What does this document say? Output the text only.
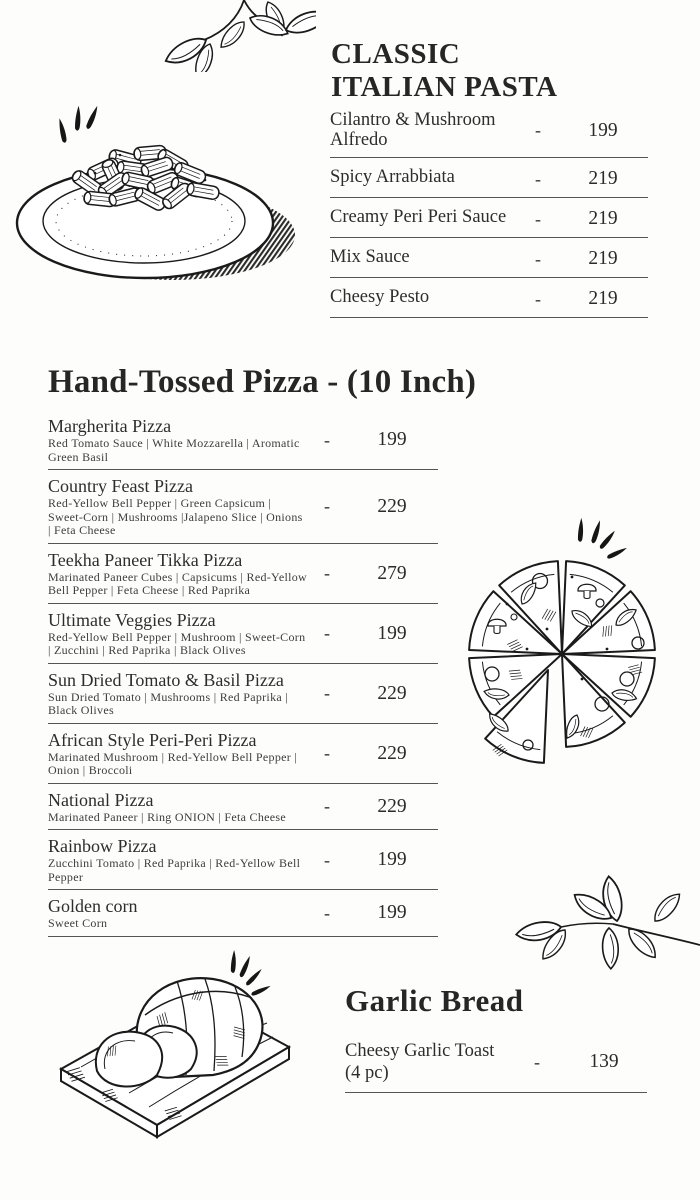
CLASSIC
ITALIAN PASTA
Cilantro & Mushroom Alfredo	-	199
Spicy Arrabbiata	-	219
Creamy Peri Peri Sauce	-	219
Mix Sauce	-	219
Cheesy Pesto	-	219
Hand-Tossed Pizza - (10 Inch)
Margherita Pizza
Red Tomato Sauce | White Mozzarella | Aromatic Green Basil
-	199
Country Feast Pizza
Red-Yellow Bell Pepper | Green Capsicum | Sweet-Corn | Mushrooms |Jalapeno Slice | Onions | Feta Cheese
-	229
Teekha Paneer Tikka Pizza
Marinated Paneer Cubes | Capsicums | Red-Yellow Bell Pepper | Feta Cheese | Red Paprika
-	279
Ultimate Veggies Pizza
Red-Yellow Bell Pepper | Mushroom | Sweet-Corn | Zucchini | Red Paprika | Black Olives
-	199
Sun Dried Tomato & Basil Pizza
Sun Dried Tomato | Mushrooms | Red Paprika | Black Olives
-	229
African Style Peri-Peri Pizza
Marinated Mushroom | Red-Yellow Bell Pepper | Onion | Broccoli
-	229
National Pizza
Marinated Paneer | Ring ONION | Feta Cheese
-	229
Rainbow Pizza
Zucchini Tomato | Red Paprika | Red-Yellow Bell Pepper
-	199
Golden corn
Sweet Corn
-	199
Garlic Bread
Cheesy Garlic Toast (4 pc)
-	139
